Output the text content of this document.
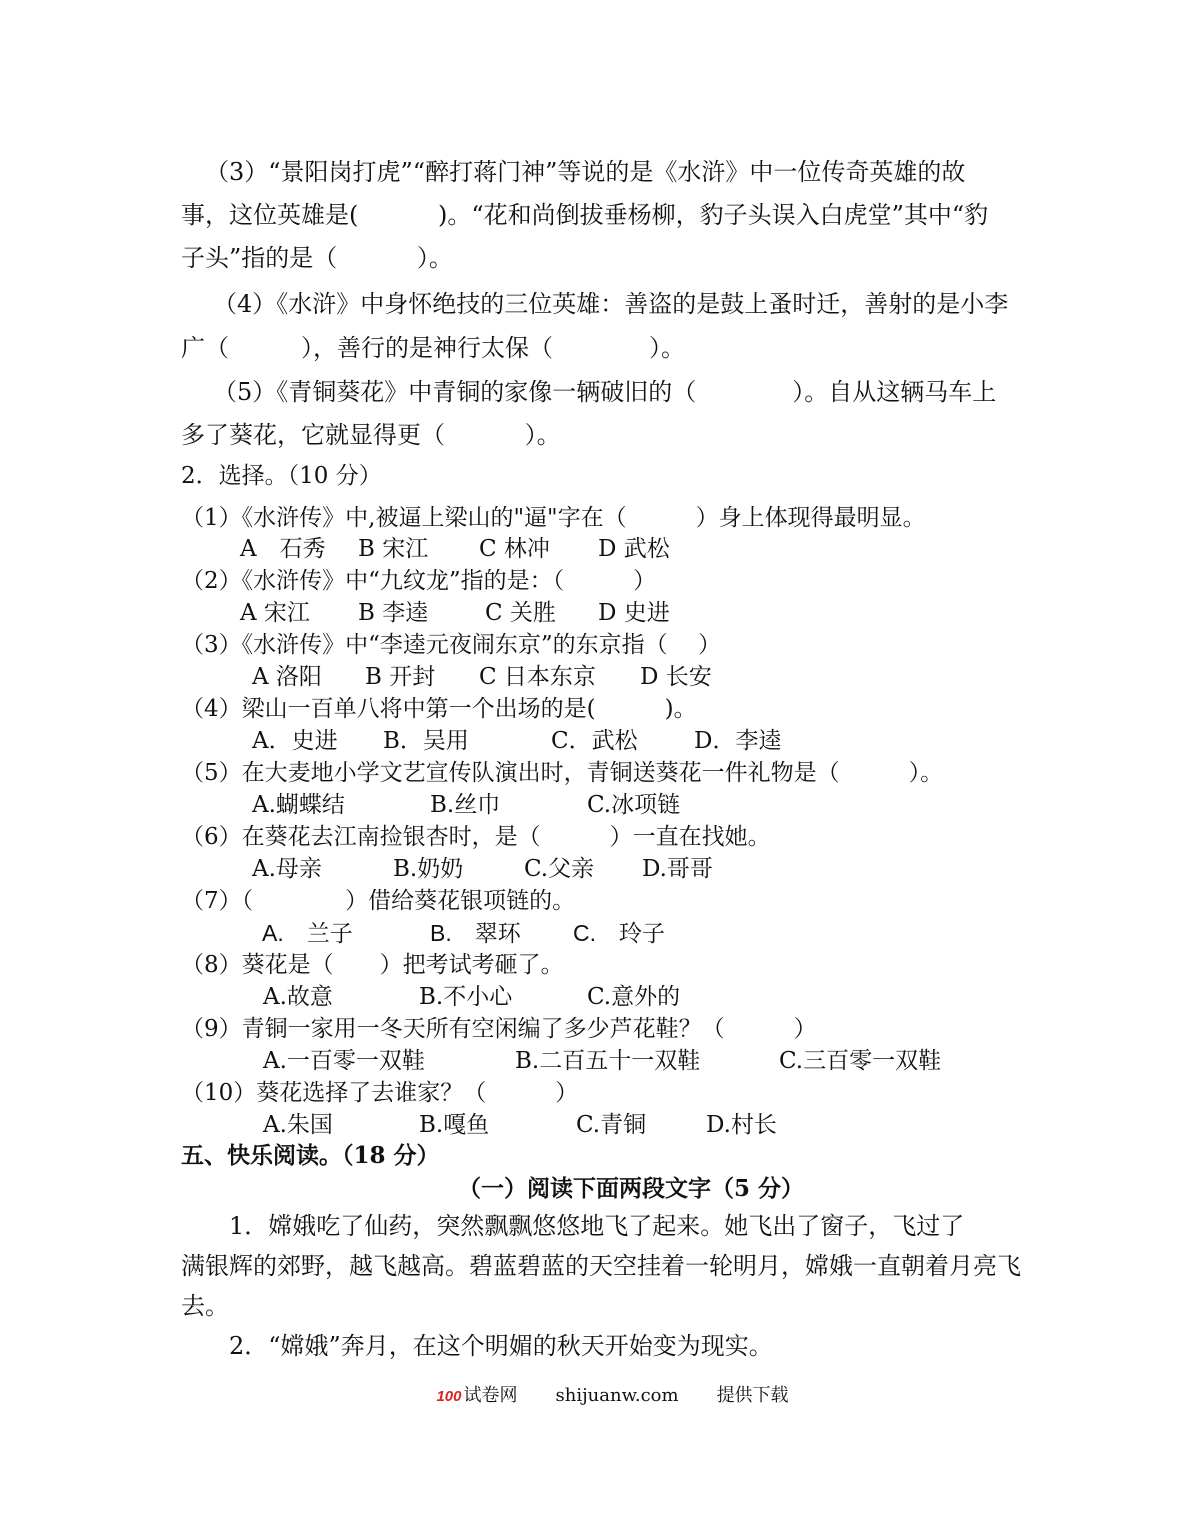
（3）“景阳岗打虎”“醉打蒋门神”等说的是《水浒》中一位传奇英雄的故
事，这位英雄是(　　　 )。“花和尚倒拔垂杨柳，豹子头误入白虎堂”其中“豹
子头”指的是（　　　 ）。
（4）《水浒》中身怀绝技的三位英雄：善盗的是鼓上蚤时迁，善射的是小李
广（　　　），善行的是神行太保（　　　　）。
（5）《青铜葵花》中青铜的家像一辆破旧的（　　　　）。自从这辆马车上
多了葵花，它就显得更（　　　 ）。
2．选择。（10 分）
（1）《水浒传》中,被逼上梁山的"逼"字在（　　　）身上体现得最明显。
A　石秀 B 宋江 C 林冲 D 武松
（2）《水浒传》中“九纹龙”指的是：（　　　）
A 宋江 B 李逵 C 关胜 D 史进
（3）《水浒传》中“李逵元夜闹东京”的东京指（　 ）
A 洛阳 B 开封 C 日本东京 D 长安
（4）梁山一百单八将中第一个出场的是(　　　)。
A．史进 B．吴用	C．武松 D．李逵
（5）在大麦地小学文艺宣传队演出时，青铜送葵花一件礼物是（　　　）。
A.蝴蝶结	B.丝巾	C.冰项链
（6）在葵花去江南捡银杏时，是（　　　）一直在找她。
A.母亲	B.奶奶	C.父亲 D.哥哥
（7）（　　　　）借给葵花银项链的。
A.　兰子	B.　翠环 C.　玲子
（8）葵花是（　　）把考试考砸了。
A.故意	B.不小心	C.意外的
（9）青铜一家用一冬天所有空闲编了多少芦花鞋？（　　　）
A.一百零一双鞋	B.二百五十一双鞋	C.三百零一双鞋
（10）葵花选择了去谁家？（　　　）
A.朱国	B.嘎鱼	C.青铜	D.村长
五、快乐阅读。（18 分）
（一）阅读下面两段文字（5 分）
1．嫦娥吃了仙药，突然飘飘悠悠地飞了起来。她飞出了窗子，飞过了
满银辉的郊野，越飞越高。碧蓝碧蓝的天空挂着一轮明月，嫦娥一直朝着月亮飞
去。
2．“嫦娥”奔月，在这个明媚的秋天开始变为现实。

100 试卷网 shijuanw.com 提供下载
